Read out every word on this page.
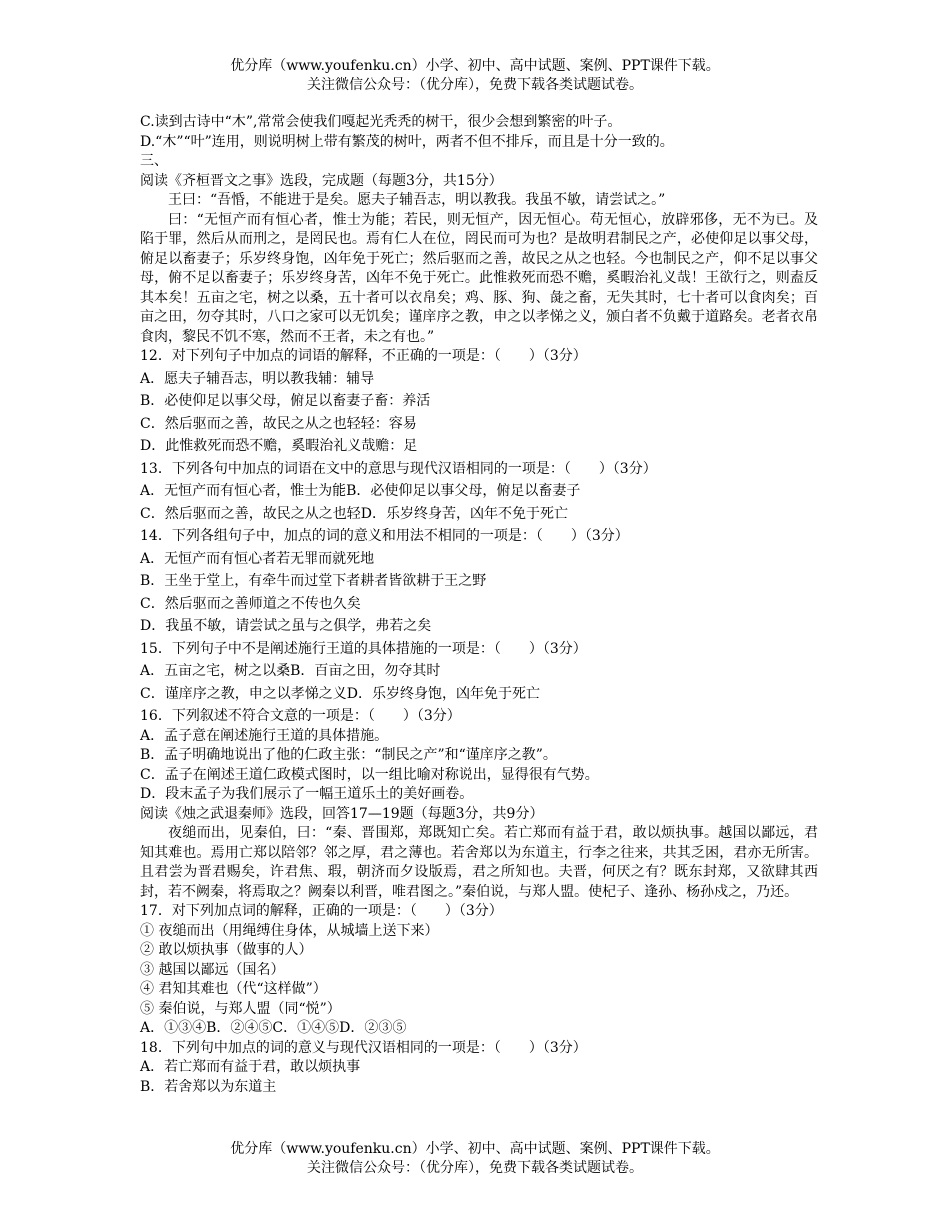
优分库（www.youfenku.cn）小学、初中、高中试题、案例、PPT课件下载。
关注微信公众号：（优分库），免费下载各类试题试卷。
C.读到古诗中“木”,常常会使我们嘎起光秃秃的树干，很少会想到繁密的叶子。
D.“木”“叶”连用，则说明树上带有繁茂的树叶，两者不但不排斥，而且是十分一致的。
三、
阅读《齐桓晋文之事》选段，完成题（每题3分，共15分）
王曰：“吾惛，不能进于是矣。愿夫子辅吾志，明以教我。我虽不敏，请尝试之。”
曰：“无恒产而有恒心者，惟士为能；若民，则无恒产，因无恒心。苟无恒心，放辟邪侈，无不为已。及陷于罪，然后从而刑之，是罔民也。焉有仁人在位，罔民而可为也？是故明君制民之产，必使仰足以事父母，俯足以畜妻子；乐岁终身饱，凶年免于死亡；然后驱而之善，故民之从之也轻。今也制民之产，仰不足以事父母，俯不足以畜妻子；乐岁终身苦，凶年不免于死亡。此惟救死而恐不赡，奚暇治礼义哉！王欲行之，则盍反其本矣！五亩之宅，树之以桑，五十者可以衣帛矣；鸡、豚、狗、彘之畜，无失其时，七十者可以食肉矣；百亩之田，勿夺其时，八口之家可以无饥矣；谨庠序之教，申之以孝悌之义，颁白者不负戴于道路矣。老者衣帛食肉，黎民不饥不寒，然而不王者，未之有也。”
12．对下列句子中加点的词语的解释，不正确的一项是：（　　）（3分）
A．愿夫子辅吾志，明以教我辅：辅导
B．必使仰足以事父母，俯足以畜妻子畜：养活
C．然后驱而之善，故民之从之也轻轻：容易
D．此惟救死而恐不赡，奚暇治礼义哉赡：足
13．下列各句中加点的词语在文中的意思与现代汉语相同的一项是：（　　）（3分）
A．无恒产而有恒心者，惟士为能B．必使仰足以事父母，俯足以畜妻子
C．然后驱而之善，故民之从之也轻D．乐岁终身苦，凶年不免于死亡
14．下列各组句子中，加点的词的意义和用法不相同的一项是：（　　）（3分）
A．无恒产而有恒心者若无罪而就死地
B．王坐于堂上，有牵牛而过堂下者耕者皆欲耕于王之野
C．然后驱而之善师道之不传也久矣
D．我虽不敏，请尝试之虽与之俱学，弗若之矣
15．下列句子中不是阐述施行王道的具体措施的一项是：（　　）（3分）
A．五亩之宅，树之以桑B．百亩之田，勿夺其时
C．谨庠序之教，申之以孝悌之义D．乐岁终身饱，凶年免于死亡
16．下列叙述不符合文意的一项是：（　　）（3分）
A．孟子意在阐述施行王道的具体措施。
B．孟子明确地说出了他的仁政主张：“制民之产”和“谨庠序之教”。
C．孟子在阐述王道仁政模式图时，以一组比喻对称说出，显得很有气势。
D．段末孟子为我们展示了一幅王道乐土的美好画卷。
阅读《烛之武退秦师》选段，回答17—19题（每题3分，共9分）
夜缒而出，见秦伯，曰：“秦、晋围郑，郑既知亡矣。若亡郑而有益于君，敢以烦执事。越国以鄙远，君知其难也。焉用亡郑以陪邻？邻之厚，君之薄也。若舍郑以为东道主，行李之往来，共其乏困，君亦无所害。且君尝为晋君赐矣，许君焦、瑕，朝济而夕设版焉，君之所知也。夫晋，何厌之有？既东封郑，又欲肆其西封，若不阙秦，将焉取之？阙秦以利晋，唯君图之。”秦伯说，与郑人盟。使杞子、逢孙、杨孙戍之，乃还。
17．对下列加点词的解释，正确的一项是：（　　）（3分）
① 夜缒而出（用绳缚住身体，从城墙上送下来）
② 敢以烦执事（做事的人）
③ 越国以鄙远（国名）
④ 君知其难也（代“这样做”）
⑤ 秦伯说，与郑人盟（同“悦”）
A．①③④B．②④⑤C．①④⑤D．②③⑤
18．下列句中加点的词的意义与现代汉语相同的一项是：（　　）（3分）
A．若亡郑而有益于君，敢以烦执事
B．若舍郑以为东道主
优分库（www.youfenku.cn）小学、初中、高中试题、案例、PPT课件下载。
关注微信公众号：（优分库），免费下载各类试题试卷。
